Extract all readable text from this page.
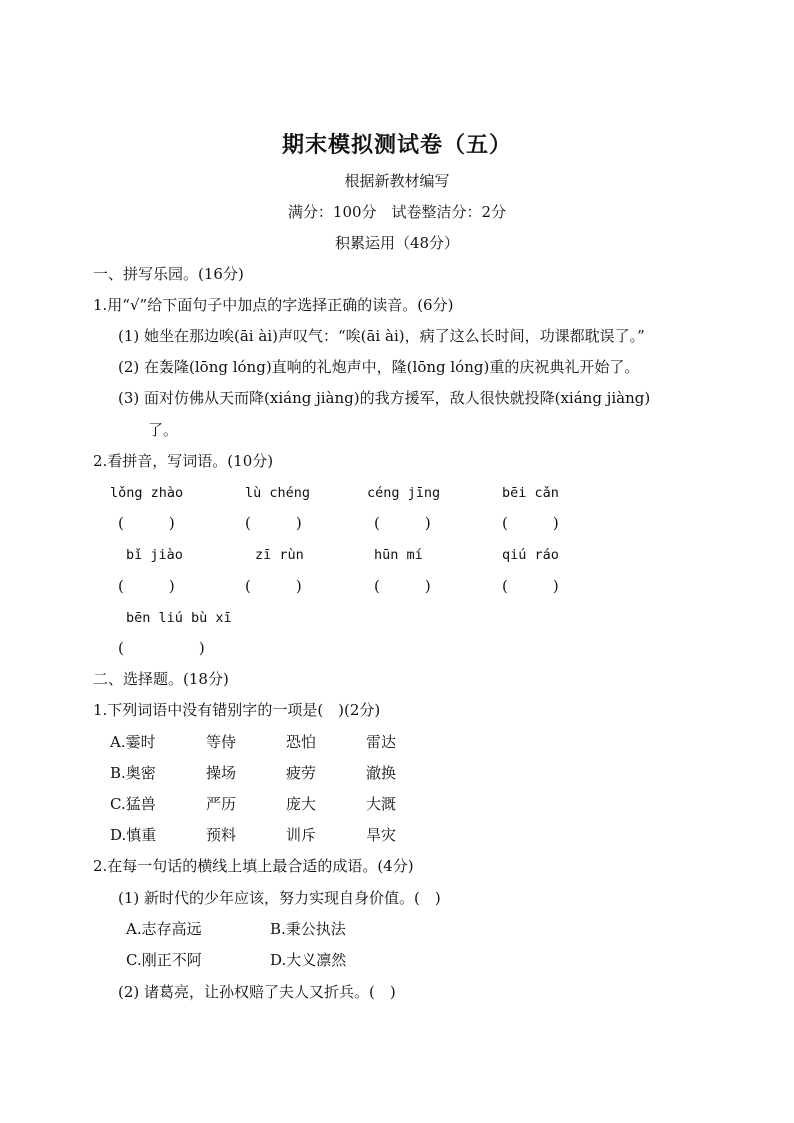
期末模拟测试卷（五）
根据新教材编写
满分：100分　试卷整洁分：2分
积累运用（48分）
一、拼写乐园。(16分)
1.用“√”给下面句子中加点的字选择正确的读音。(6分)
(1) 她坐在那边唉(āi ài)声叹气：“唉(āi ài)，病了这么长时间，功课都耽误了。”
(2) 在轰隆(lōng lóng)直响的礼炮声中，隆(lōng lóng)重的庆祝典礼开始了。
(3) 面对仿佛从天而降(xiáng jiàng)的我方援军，敌人很快就投降(xiáng jiàng)
了。
2.看拼音，写词语。(10分)
lǒng zhào	lù chéng	céng jīng	bēi cǎn
(　　　)	(　　　)	(　　　)	(　　　)
bǐ jiào	zī rùn	hūn mí	qiú ráo
(　　　)	(　　　)	(　　　)	(　　　)
bēn liú bù xī
(　　　　　)
二、选择题。(18分)
1.下列词语中没有错别字的一项是(　)(2分)
A.霎时	等侍	恐怕	雷达
B.奥密	操场	疲劳	澈换
C.猛兽	严历	庞大	大溉
D.慎重	预料	训斥	旱灾
2.在每一句话的横线上填上最合适的成语。(4分)
(1) 新时代的少年应该，努力实现自身价值。(　)
A.志存高远	B.秉公执法
C.刚正不阿	D.大义凛然
(2) 诸葛亮，让孙权赔了夫人又折兵。(　)
